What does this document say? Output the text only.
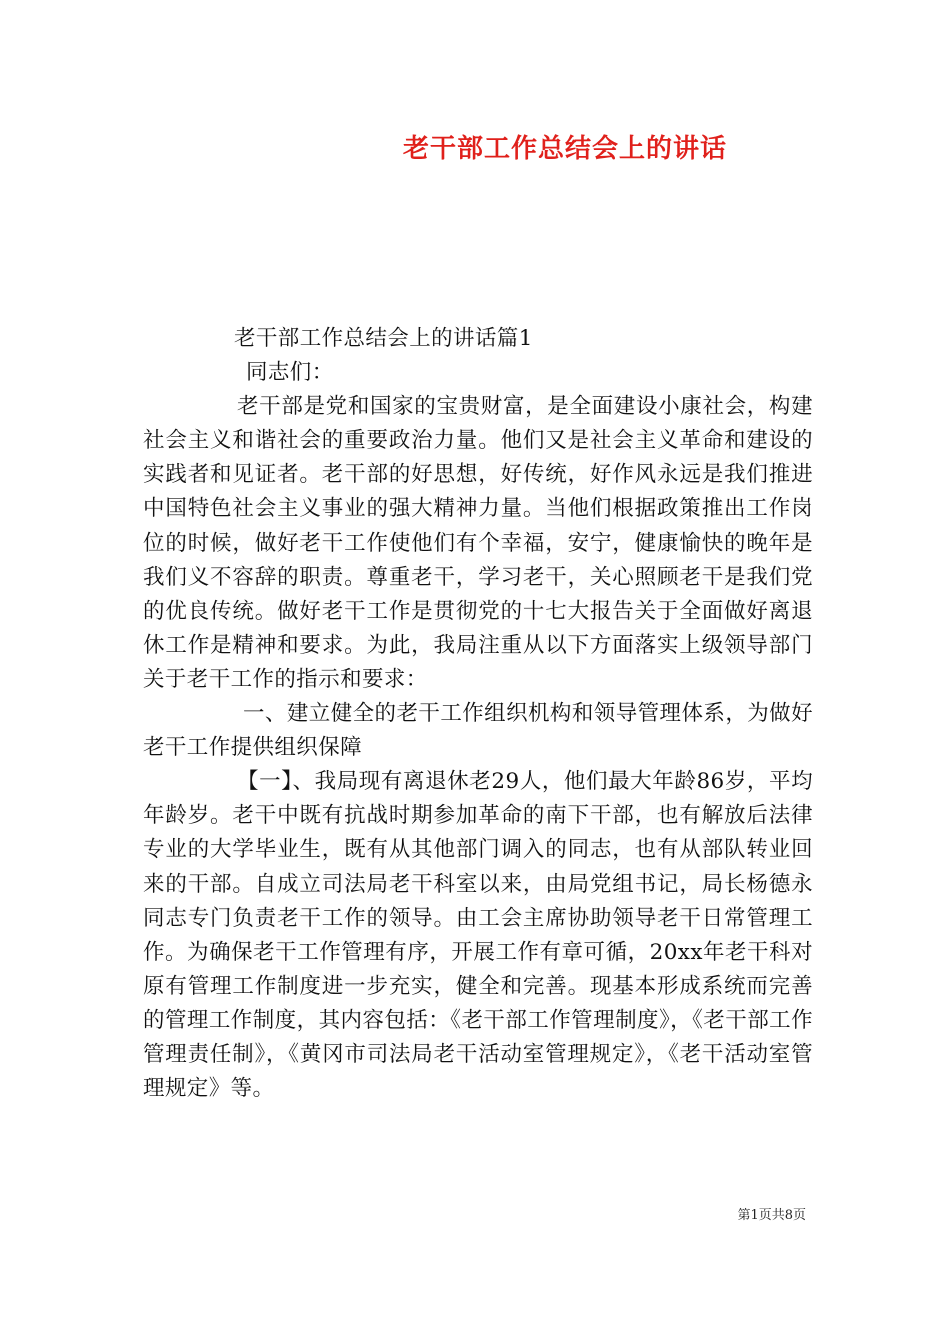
老干部工作总结会上的讲话

老干部工作总结会上的讲话篇1

同志们：

老干部是党和国家的宝贵财富，是全面建设小康社会，构建社会主义和谐社会的重要政治力量。他们又是社会主义革命和建设的实践者和见证者。老干部的好思想，好传统，好作风永远是我们推进中国特色社会主义事业的强大精神力量。当他们根据政策推出工作岗位的时候，做好老干工作使他们有个幸福，安宁，健康愉快的晚年是我们义不容辞的职责。尊重老干，学习老干，关心照顾老干是我们党的优良传统。做好老干工作是贯彻党的十七大报告关于全面做好离退休工作是精神和要求。为此，我局注重从以下方面落实上级领导部门关于老干工作的指示和要求：

一、建立健全的老干工作组织机构和领导管理体系，为做好老干工作提供组织保障

【一】、我局现有离退休老29人，他们最大年龄86岁，平均年龄岁。老干中既有抗战时期参加革命的南下干部，也有解放后法律专业的大学毕业生，既有从其他部门调入的同志，也有从部队转业回来的干部。自成立司法局老干科室以来，由局党组书记，局长杨德永同志专门负责老干工作的领导。由工会主席协助领导老干日常管理工作。为确保老干工作管理有序，开展工作有章可循，20xx年老干科对原有管理工作制度进一步充实，健全和完善。现基本形成系统而完善的管理工作制度，其内容包括：《老干部工作管理制度》，《老干部工作管理责任制》，《黄冈市司法局老干活动室管理规定》，《老干活动室管理规定》等。

第1页共8页
